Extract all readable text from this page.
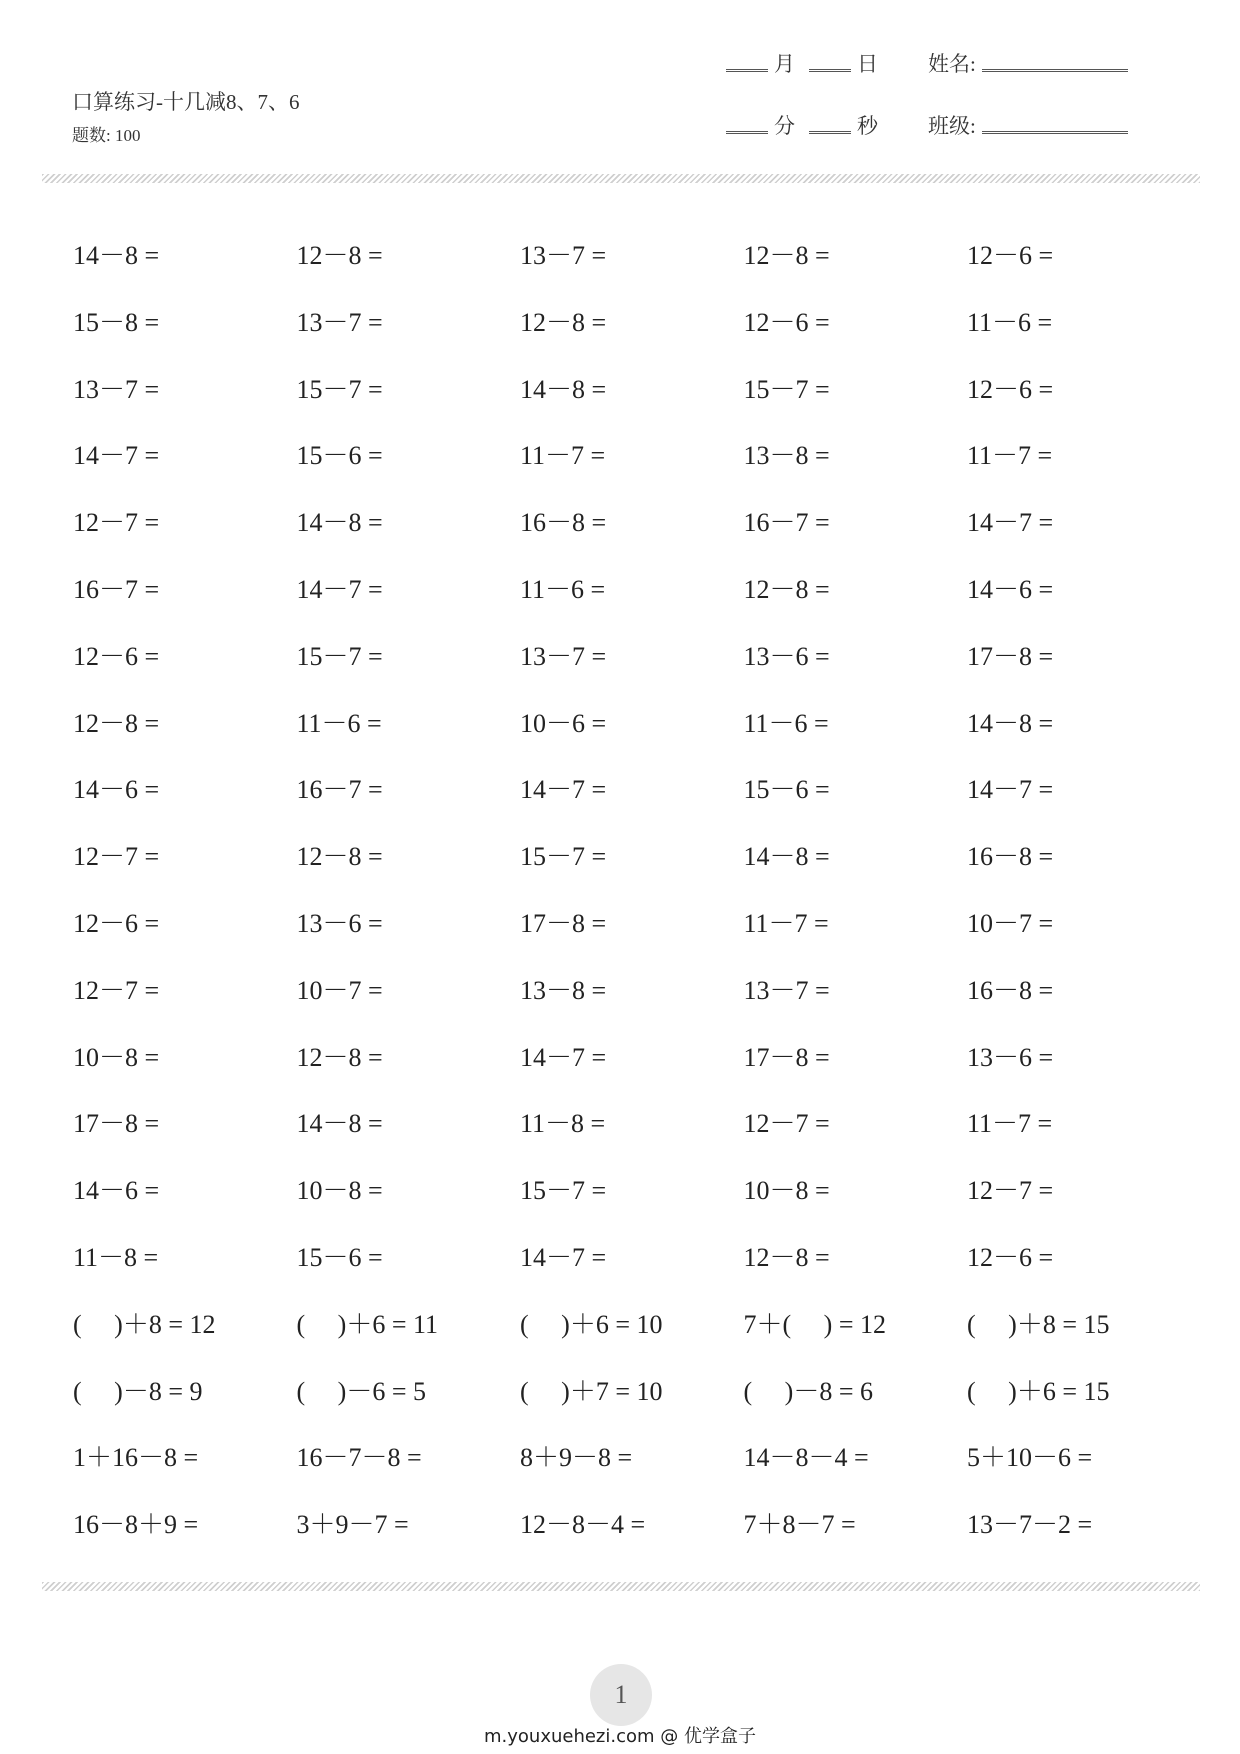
口算练习-十几减8、7、6
题数: 100
月	日 姓名:
分	秒 班级:
14－8 =	12－8 =	13－7 =	12－8 =	12－6 =
15－8 =	13－7 =	12－8 =	12－6 =	11－6 =
13－7 =	15－7 =	14－8 =	15－7 =	12－6 =
14－7 =	15－6 =	11－7 =	13－8 =	11－7 =
12－7 =	14－8 =	16－8 =	16－7 =	14－7 =
16－7 =	14－7 =	11－6 =	12－8 =	14－6 =
12－6 =	15－7 =	13－7 =	13－6 =	17－8 =
12－8 =	11－6 =	10－6 =	11－6 =	14－8 =
14－6 =	16－7 =	14－7 =	15－6 =	14－7 =
12－7 =	12－8 =	15－7 =	14－8 =	16－8 =
12－6 =	13－6 =	17－8 =	11－7 =	10－7 =
12－7 =	10－7 =	13－8 =	13－7 =	16－8 =
10－8 =	12－8 =	14－7 =	17－8 =	13－6 =
17－8 =	14－8 =	11－8 =	12－7 =	11－7 =
14－6 =	10－8 =	15－7 =	10－8 =	12－7 =
11－8 =	15－6 =	14－7 =	12－8 =	12－6 =
(　 )＋8 = 12	(　 )＋6 = 11	(　 )＋6 = 10	7＋(　 ) = 12	(　 )＋8 = 15
(　 )－8 = 9	(　 )－6 = 5	(　 )＋7 = 10	(　 )－8 = 6	(　 )＋6 = 15
1＋16－8 =	16－7－8 =	8＋9－8 =	14－8－4 =	5＋10－6 =
16－8＋9 =	3＋9－7 =	12－8－4 =	7＋8－7 =	13－7－2 =
1
m.youxuehezi.com @ 优学盒子
